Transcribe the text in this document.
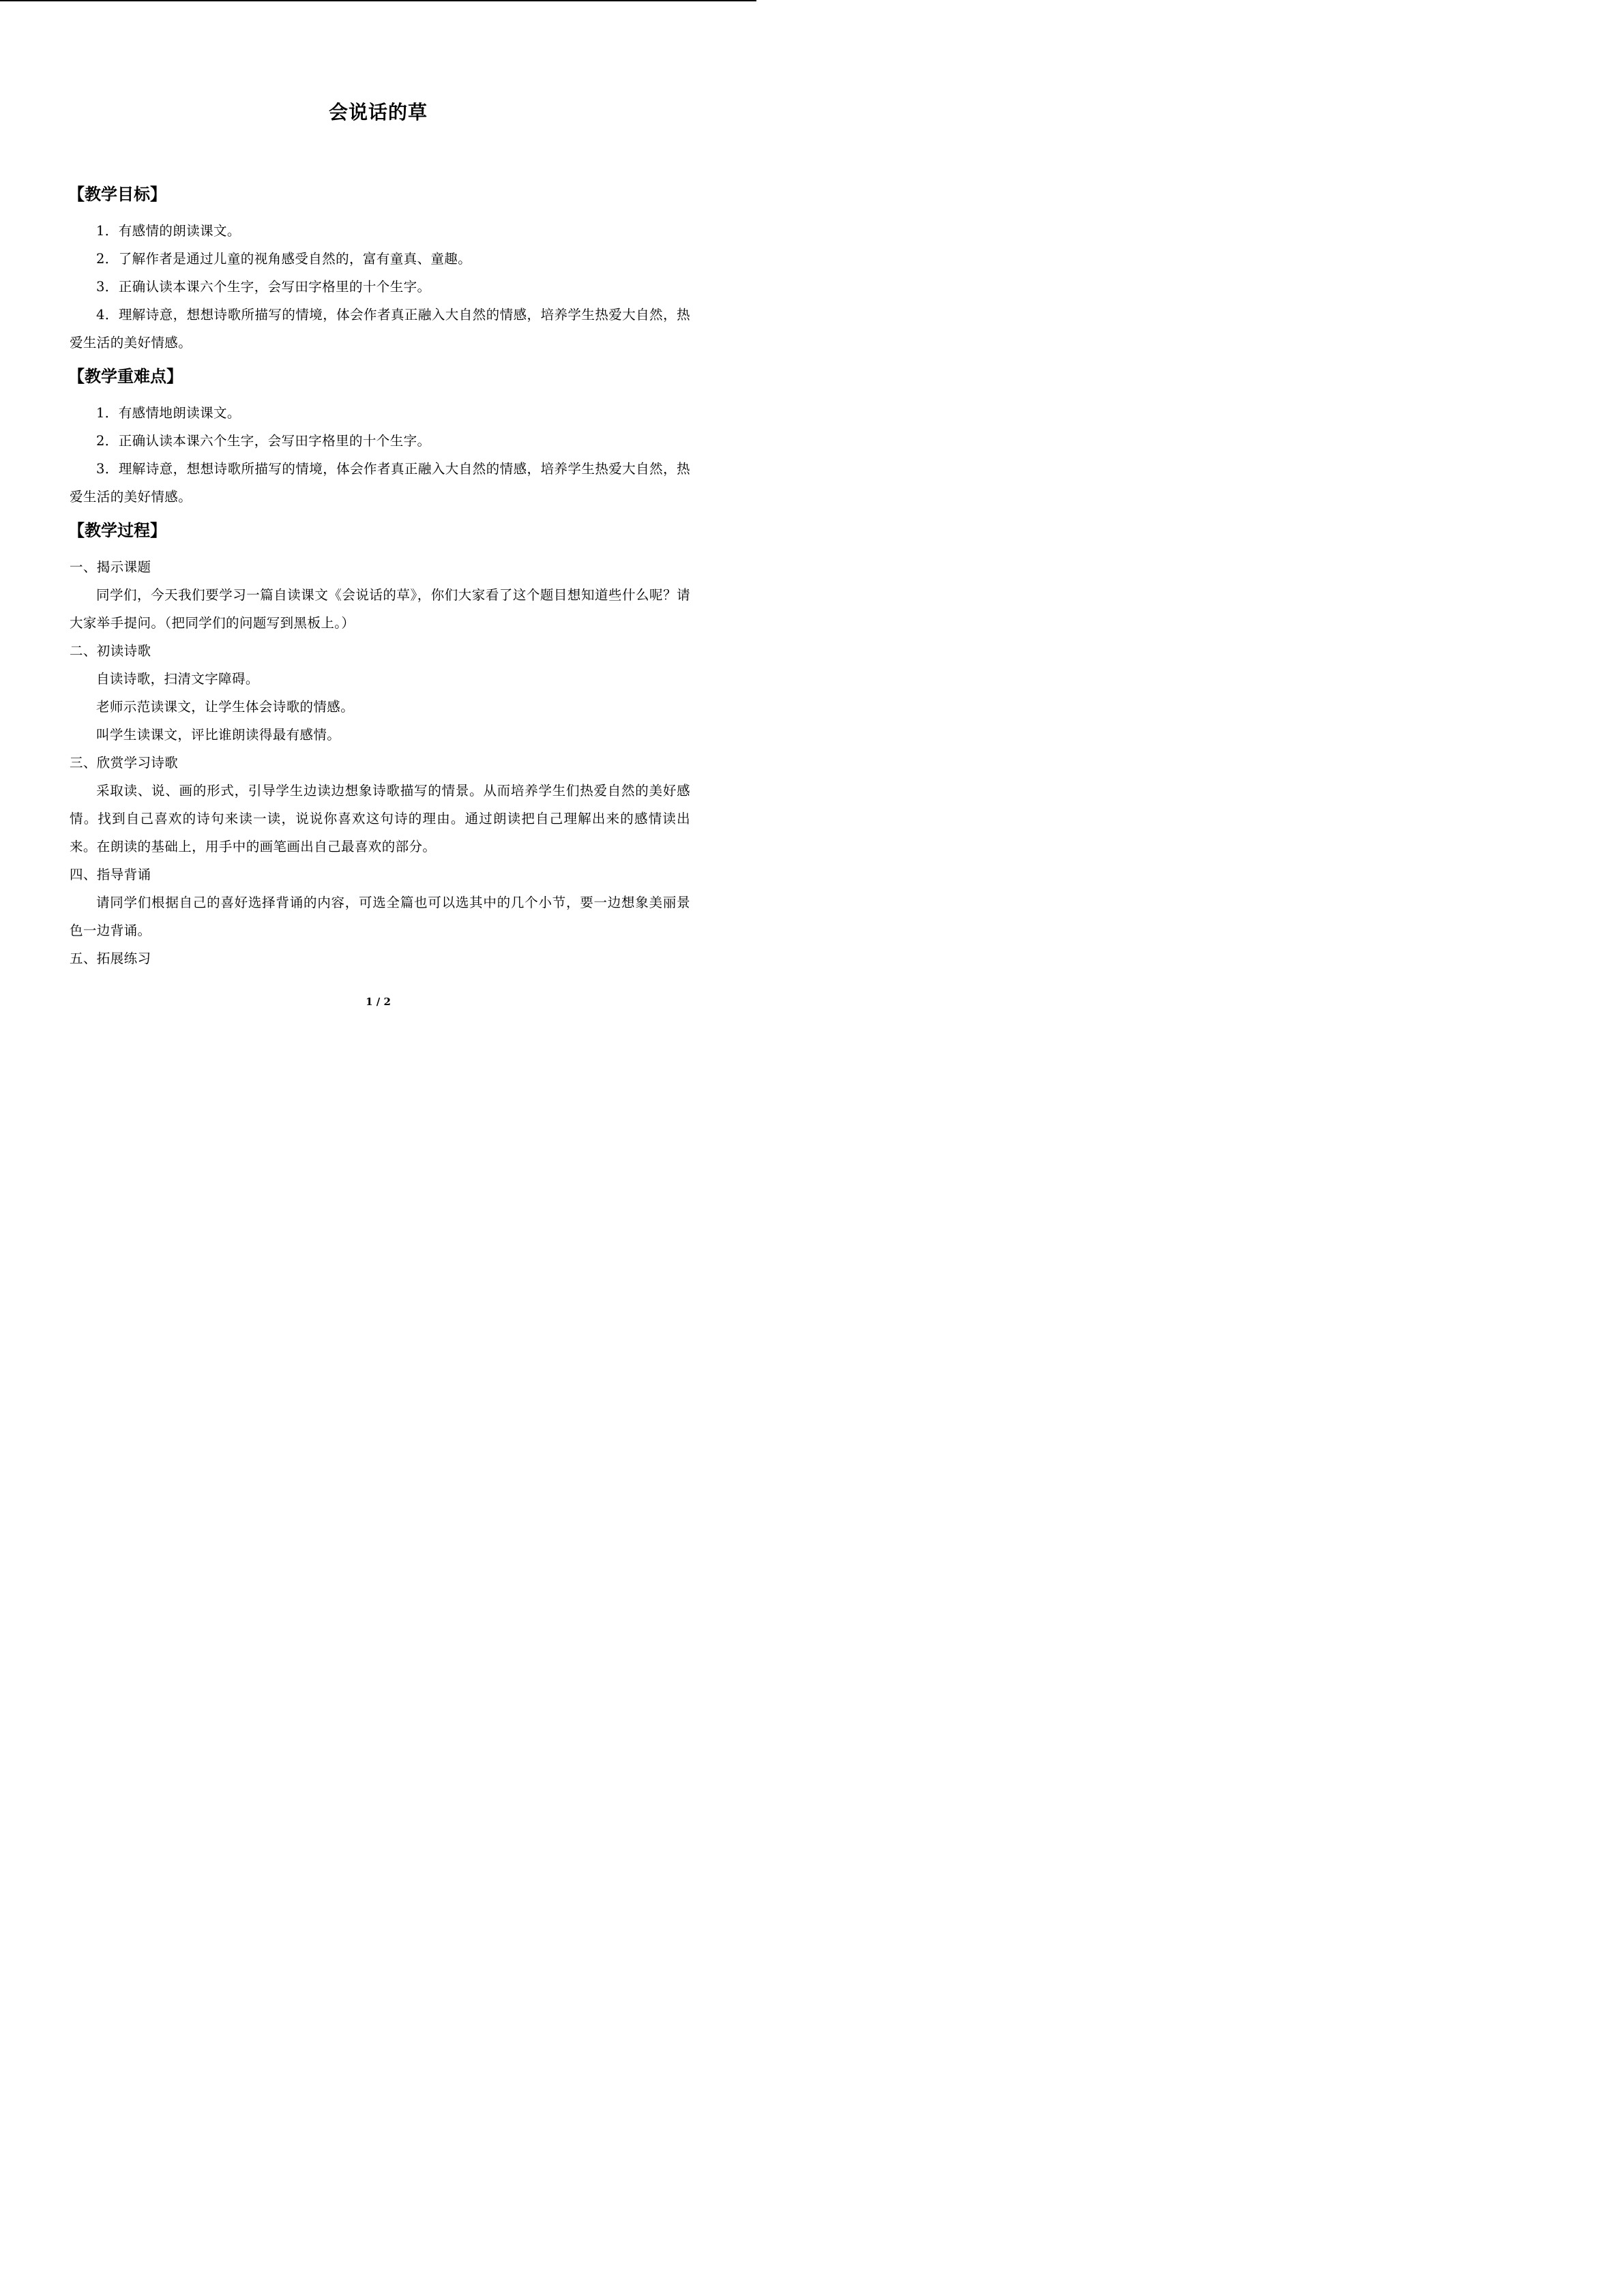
会说话的草
【教学目标】

1．有感情的朗读课文。

2．了解作者是通过儿童的视角感受自然的，富有童真、童趣。

3．正确认读本课六个生字，会写田字格里的十个生字。

4．理解诗意，想想诗歌所描写的情境，体会作者真正融入大自然的情感，培养学生热爱大自然，热爱生活的美好情感。

【教学重难点】

1．有感情地朗读课文。

2．正确认读本课六个生字，会写田字格里的十个生字。

3．理解诗意，想想诗歌所描写的情境，体会作者真正融入大自然的情感，培养学生热爱大自然，热爱生活的美好情感。

【教学过程】

一、揭示课题

同学们，今天我们要学习一篇自读课文《会说话的草》，你们大家看了这个题目想知道些什么呢？请大家举手提问。（把同学们的问题写到黑板上。）

二、初读诗歌

自读诗歌，扫清文字障碍。

老师示范读课文，让学生体会诗歌的情感。

叫学生读课文，评比谁朗读得最有感情。

三、欣赏学习诗歌

采取读、说、画的形式，引导学生边读边想象诗歌描写的情景。从而培养学生们热爱自然的美好感情。找到自己喜欢的诗句来读一读，说说你喜欢这句诗的理由。通过朗读把自己理解出来的感情读出来。在朗读的基础上，用手中的画笔画出自己最喜欢的部分。

四、指导背诵

请同学们根据自己的喜好选择背诵的内容，可选全篇也可以选其中的几个小节，要一边想象美丽景色一边背诵。

五、拓展练习

1 / 2
